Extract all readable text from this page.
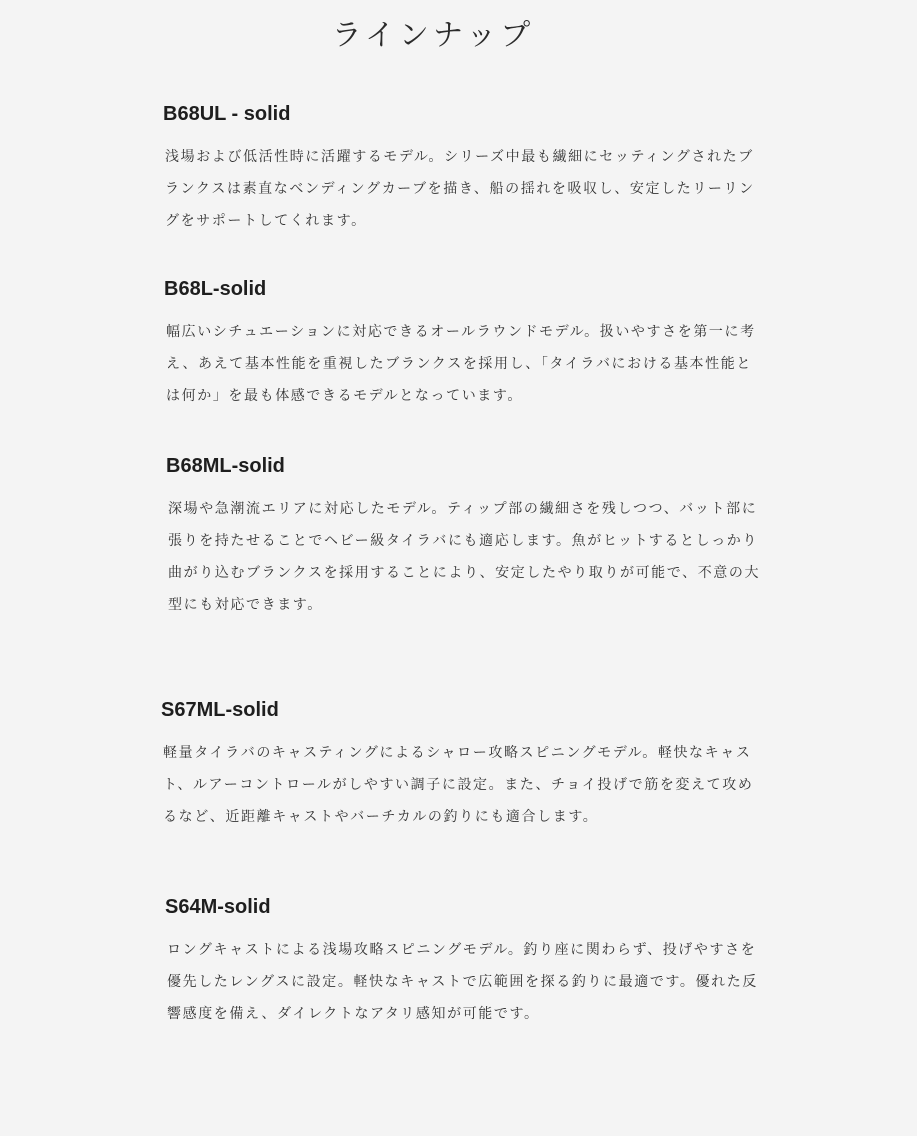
ラインナップ
B68UL - solid

浅場および低活性時に活躍するモデル。シリーズ中最も繊細にセッティングされたブランクスは素直なベンディングカーブを描き、船の揺れを吸収し、安定したリーリングをサポートしてくれます。

B68L-solid

幅広いシチュエーションに対応できるオールラウンドモデル。扱いやすさを第一に考え、あえて基本性能を重視したブランクスを採用し、「タイラバにおける基本性能とは何か」を最も体感できるモデルとなっています。

B68ML-solid

深場や急潮流エリアに対応したモデル。ティップ部の繊細さを残しつつ、バット部に張りを持たせることでヘビー級タイラバにも適応します。魚がヒットするとしっかり曲がり込むブランクスを採用することにより、安定したやり取りが可能で、不意の大型にも対応できます。

S67ML-solid

軽量タイラバのキャスティングによるシャロー攻略スピニングモデル。軽快なキャスト、ルアーコントロールがしやすい調子に設定。また、チョイ投げで筋を変えて攻めるなど、近距離キャストやバーチカルの釣りにも適合します。

S64M-solid

ロングキャストによる浅場攻略スピニングモデル。釣り座に関わらず、投げやすさを優先したレングスに設定。軽快なキャストで広範囲を探る釣りに最適です。優れた反響感度を備え、ダイレクトなアタリ感知が可能です。
